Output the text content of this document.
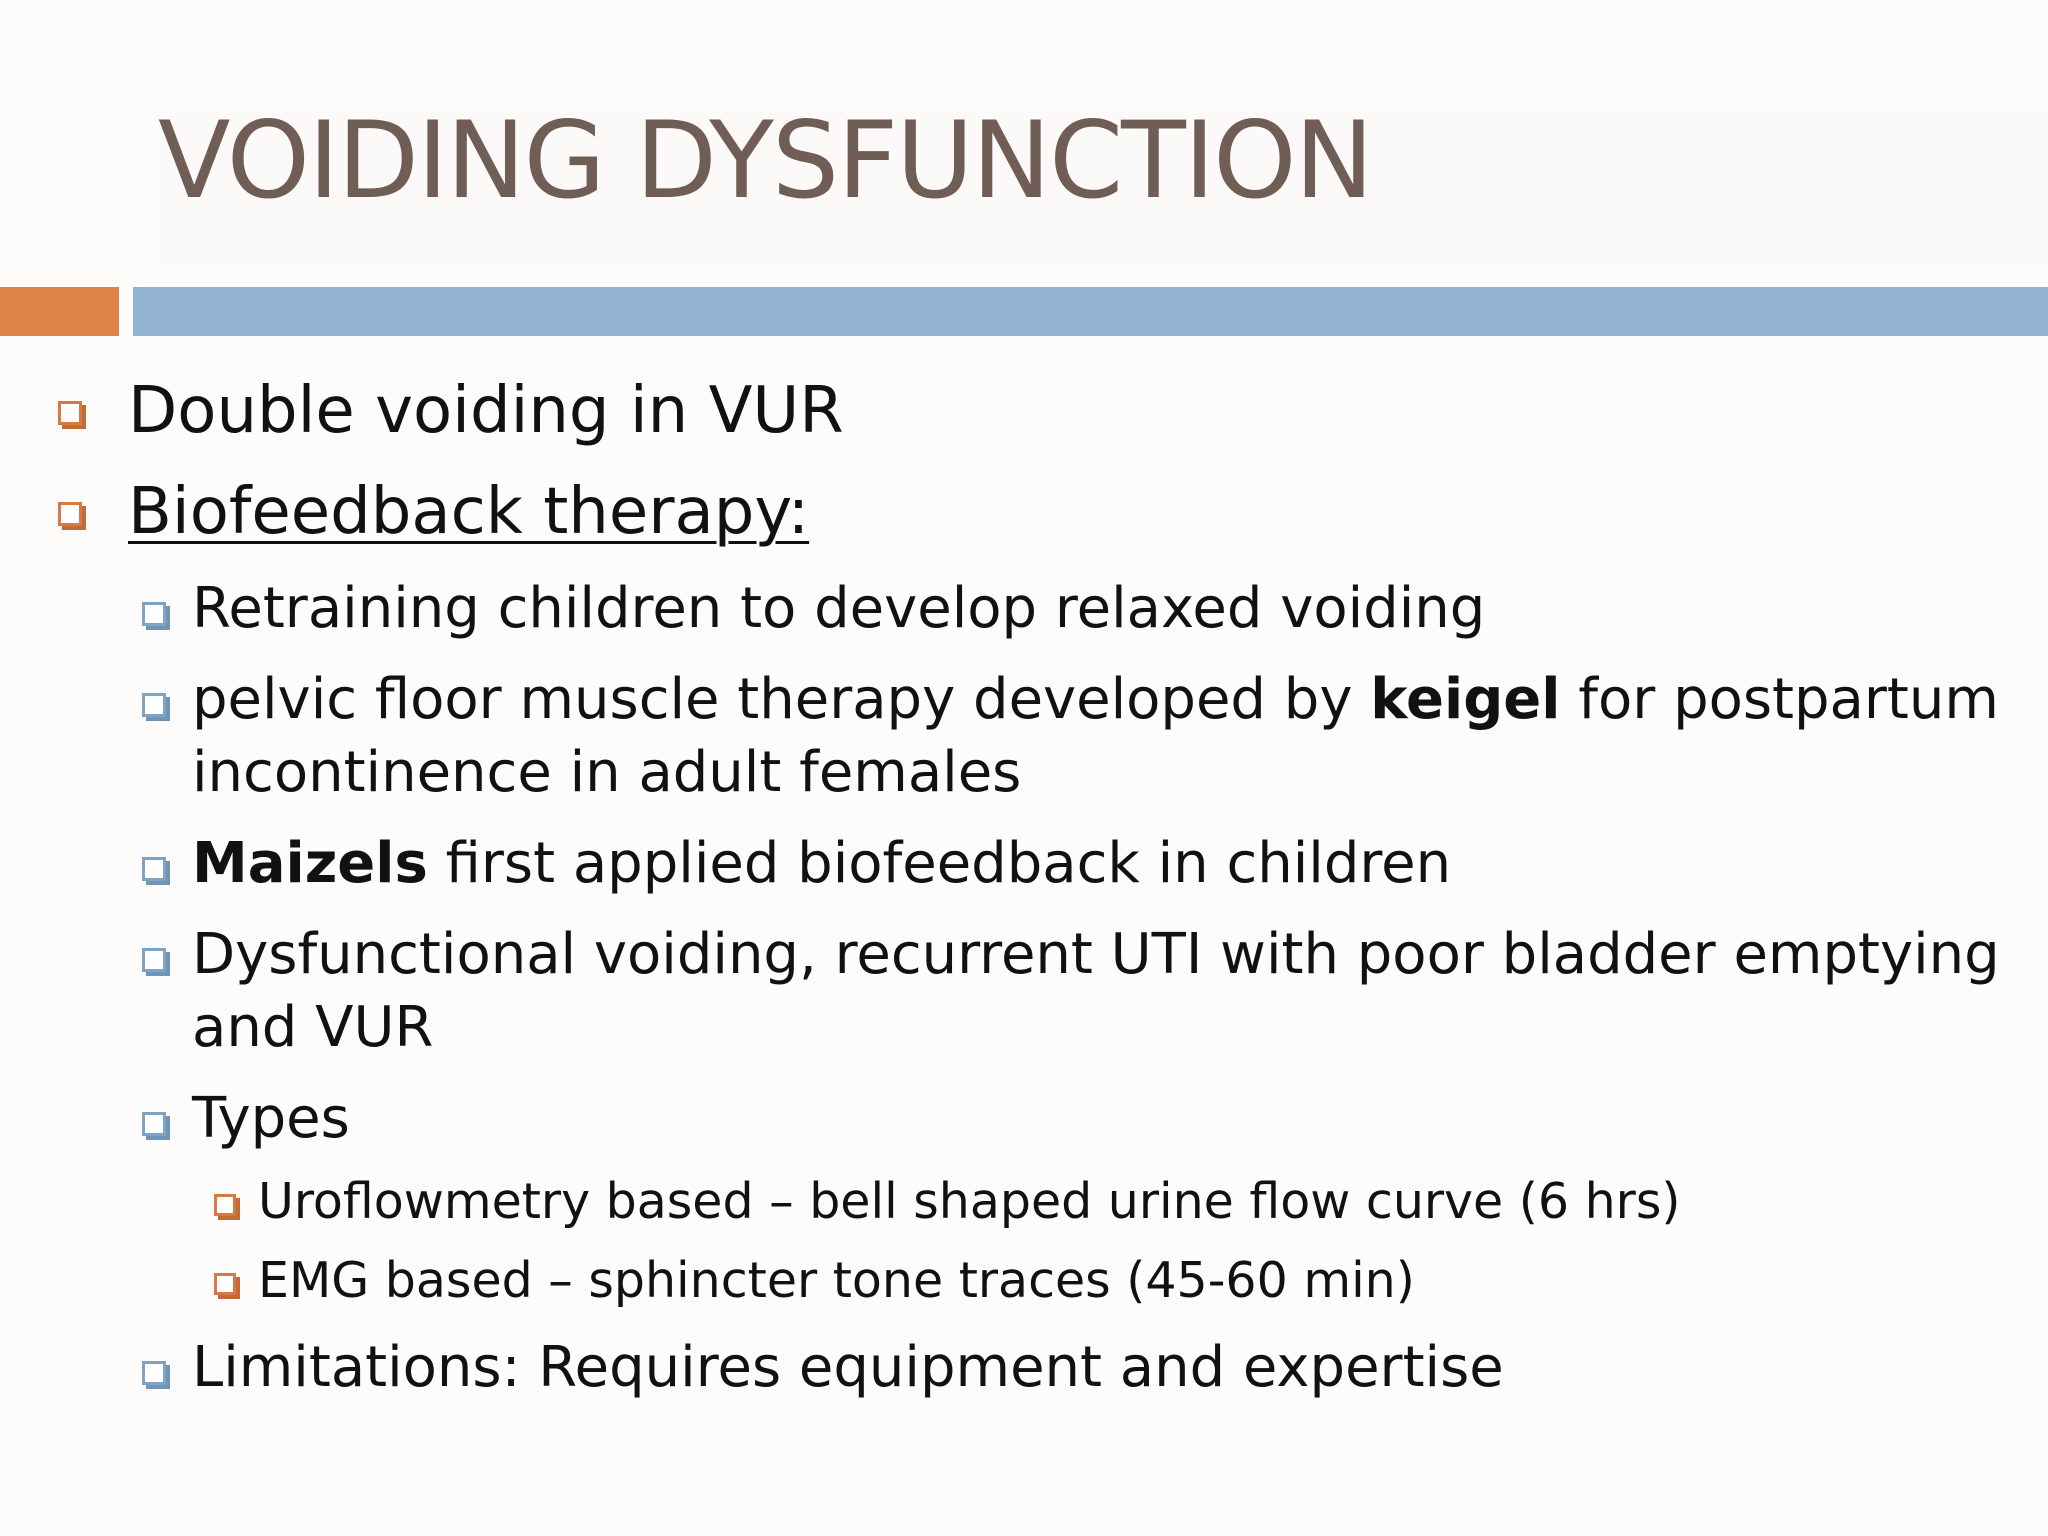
VOIDING DYSFUNCTION
Double voiding in VUR
Biofeedback therapy:
Retraining children to develop relaxed voiding
pelvic floor muscle therapy developed by keigel for postpartum
incontinence in adult females
Maizels first applied biofeedback in children
Dysfunctional voiding, recurrent UTI with poor bladder emptying
and VUR
Types
Uroflowmetry based – bell shaped urine flow curve (6 hrs)
EMG based – sphincter tone traces (45-60 min)
Limitations: Requires equipment and expertise
